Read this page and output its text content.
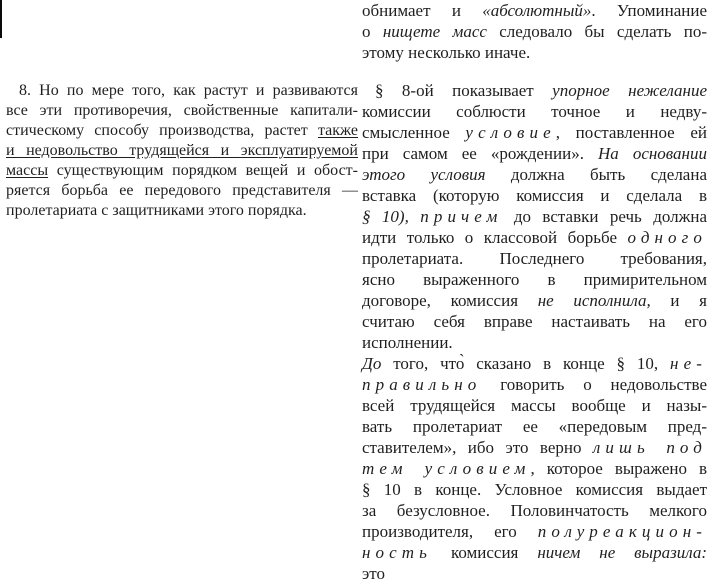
8. Но по мере того, как растут и развиваются
все эти противоречия, свойственные капитали-
стическому способу производства, растет также
и недовольство трудящейся и эксплуатируемой
массы существующим порядком вещей и обост-
ряется борьба ее передового представителя —
пролетариата с защитниками этого порядка.
обнимает и «абсолютный». Упоминание
о нищете масс следовало бы сделать по-
этому несколько иначе.
§ 8-ой показывает упорное нежелание
комиссии соблюсти точное и недву-
смысленное условие, поставленное ей
при самом ее «рождении». На основании
этого условия должна быть сделана
вставка (которую комиссия и сделала в
§ 10), причем до вставки речь должна
идти только о классовой борьбе одного
пролетариата. Последнего требования,
ясно выраженного в примирительном
договоре, комиссия не исполнила, и я
считаю себя вправе настаивать на его
исполнении.
До того, что̀ сказано в конце § 10, не-
правильно говорить о недовольстве
всей трудящейся массы вообще и назы-
вать пролетариат ее «передовым пред-
ставителем», ибо это верно лишь под
тем условием, которое выражено в
§ 10 в конце. Условное комиссия выдает
за безусловное. Половинчатость мелкого
производителя, его полуреакцион-
ность комиссия ничем не выразила:
это
